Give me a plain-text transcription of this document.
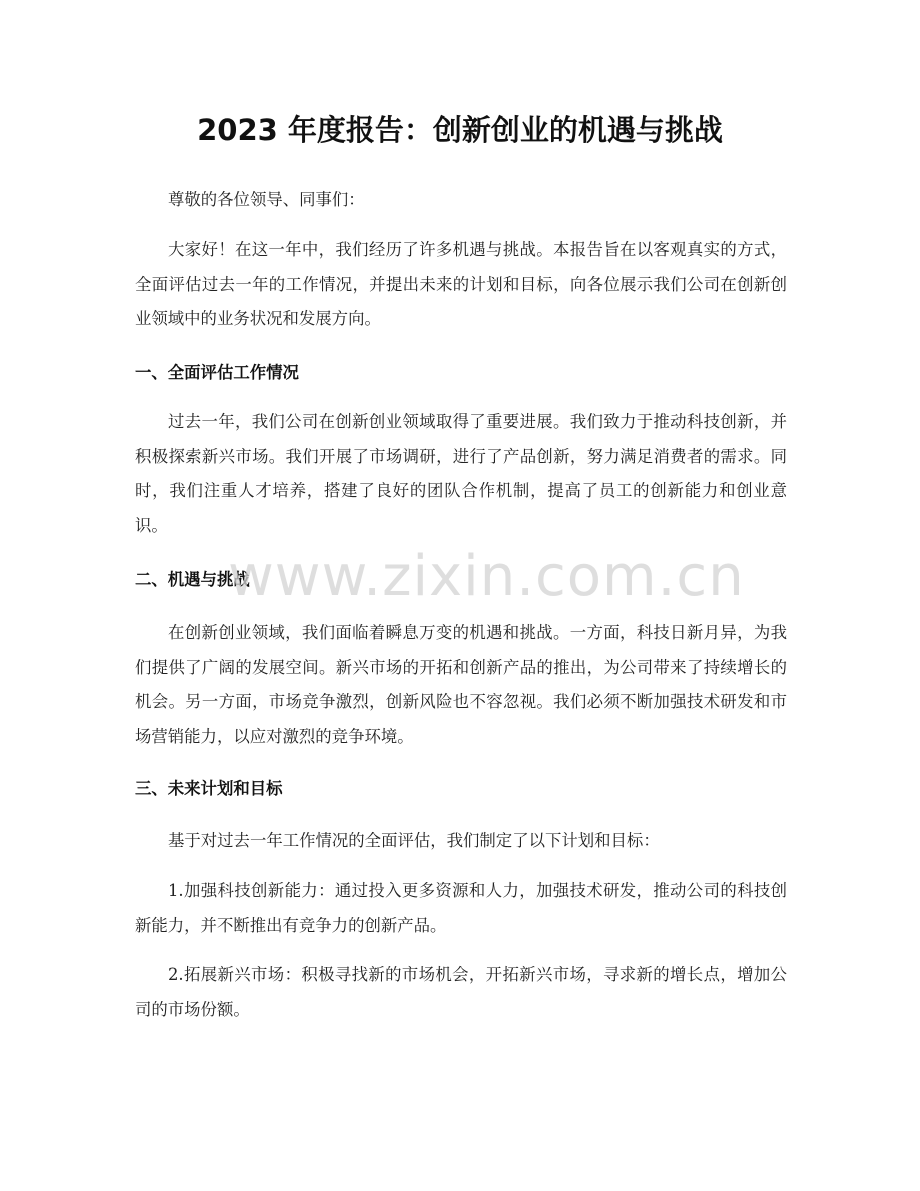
2023 年度报告：创新创业的机遇与挑战

尊敬的各位领导、同事们：

大家好！在这一年中，我们经历了许多机遇与挑战。本报告旨在以客观真实的方式，全面评估过去一年的工作情况，并提出未来的计划和目标，向各位展示我们公司在创新创业领域中的业务状况和发展方向。

一、全面评估工作情况

过去一年，我们公司在创新创业领域取得了重要进展。我们致力于推动科技创新，并积极探索新兴市场。我们开展了市场调研，进行了产品创新，努力满足消费者的需求。同时，我们注重人才培养，搭建了良好的团队合作机制，提高了员工的创新能力和创业意识。

二、机遇与挑战

在创新创业领域，我们面临着瞬息万变的机遇和挑战。一方面，科技日新月异，为我们提供了广阔的发展空间。新兴市场的开拓和创新产品的推出，为公司带来了持续增长的机会。另一方面，市场竞争激烈，创新风险也不容忽视。我们必须不断加强技术研发和市场营销能力，以应对激烈的竞争环境。

三、未来计划和目标

基于对过去一年工作情况的全面评估，我们制定了以下计划和目标：

1.加强科技创新能力：通过投入更多资源和人力，加强技术研发，推动公司的科技创新能力，并不断推出有竞争力的创新产品。

2.拓展新兴市场：积极寻找新的市场机会，开拓新兴市场，寻求新的增长点，增加公司的市场份额。

www.zixin.com.cn
